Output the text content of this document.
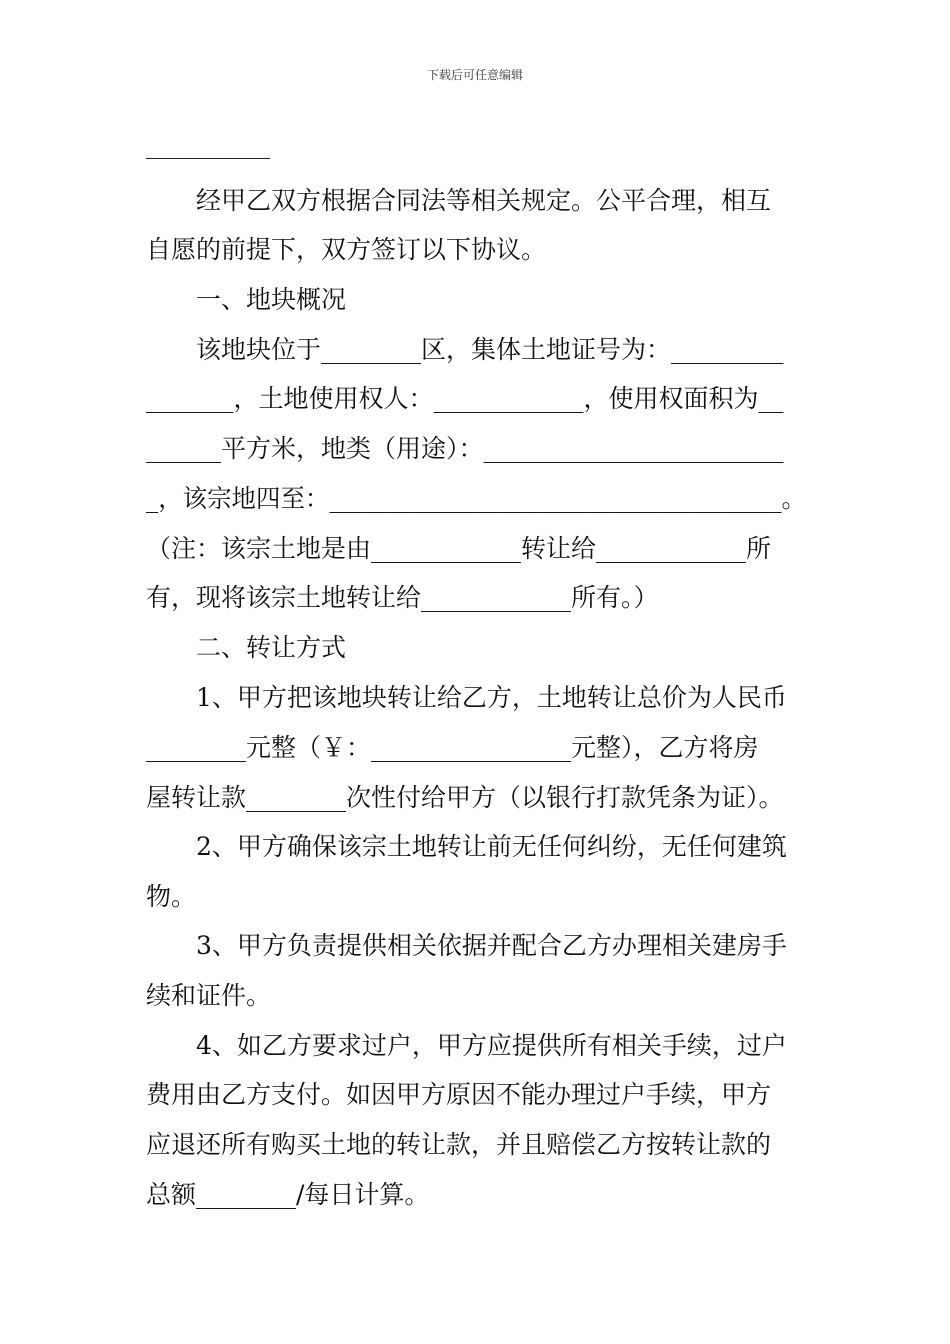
下载后可任意编辑
经甲乙双方根据合同法等相关规定。公平合理，相互
自愿的前提下，双方签订以下协议。
一、地块概况
该地块位于________区，集体土地证号为：_________
_______，土地使用权人：____________，使用权面积为__
______平方米，地类（用途）：________________________
_，该宗地四至：_____________________________________。
（注：该宗土地是由____________转让给____________所
有，现将该宗土地转让给____________所有。）
二、转让方式
1、甲方把该地块转让给乙方，土地转让总价为人民币
________元整（￥：________________元整），乙方将房
屋转让款________次性付给甲方（以银行打款凭条为证）。
2、甲方确保该宗土地转让前无任何纠纷，无任何建筑
物。
3、甲方负责提供相关依据并配合乙方办理相关建房手
续和证件。
4、如乙方要求过户，甲方应提供所有相关手续，过户
费用由乙方支付。如因甲方原因不能办理过户手续，甲方
应退还所有购买土地的转让款，并且赔偿乙方按转让款的
总额________/每日计算。
